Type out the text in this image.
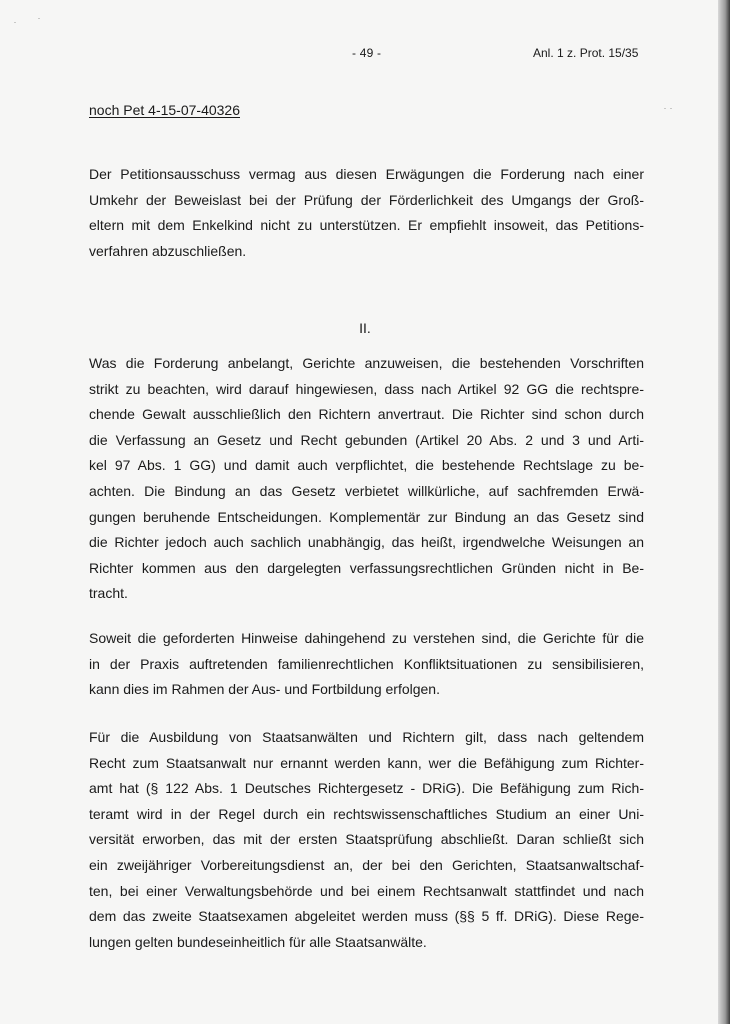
- 49 -	Anl. 1 z. Prot. 15/35
noch Pet 4-15-07-40326
Der Petitionsausschuss vermag aus diesen Erwägungen die Forderung nach einer
Umkehr der Beweislast bei der Prüfung der Förderlichkeit des Umgangs der Groß-
eltern mit dem Enkelkind nicht zu unterstützen. Er empfiehlt insoweit, das Petitions-
verfahren abzuschließen.
II.
Was die Forderung anbelangt, Gerichte anzuweisen, die bestehenden Vorschriften
strikt zu beachten, wird darauf hingewiesen, dass nach Artikel 92 GG die rechtspre-
chende Gewalt ausschließlich den Richtern anvertraut. Die Richter sind schon durch
die Verfassung an Gesetz und Recht gebunden (Artikel 20 Abs. 2 und 3 und Arti-
kel 97 Abs. 1 GG) und damit auch verpflichtet, die bestehende Rechtslage zu be-
achten. Die Bindung an das Gesetz verbietet willkürliche, auf sachfremden Erwä-
gungen beruhende Entscheidungen. Komplementär zur Bindung an das Gesetz sind
die Richter jedoch auch sachlich unabhängig, das heißt, irgendwelche Weisungen an
Richter kommen aus den dargelegten verfassungsrechtlichen Gründen nicht in Be-
tracht.
Soweit die geforderten Hinweise dahingehend zu verstehen sind, die Gerichte für die
in der Praxis auftretenden familienrechtlichen Konfliktsituationen zu sensibilisieren,
kann dies im Rahmen der Aus- und Fortbildung erfolgen.
Für die Ausbildung von Staatsanwälten und Richtern gilt, dass nach geltendem
Recht zum Staatsanwalt nur ernannt werden kann, wer die Befähigung zum Richter-
amt hat (§ 122 Abs. 1 Deutsches Richtergesetz - DRiG). Die Befähigung zum Rich-
teramt wird in der Regel durch ein rechtswissenschaftliches Studium an einer Uni-
versität erworben, das mit der ersten Staatsprüfung abschließt. Daran schließt sich
ein zweijähriger Vorbereitungsdienst an, der bei den Gerichten, Staatsanwaltschaf-
ten, bei einer Verwaltungsbehörde und bei einem Rechtsanwalt stattfindet und nach
dem das zweite Staatsexamen abgeleitet werden muss (§§ 5 ff. DRiG). Diese Rege-
lungen gelten bundeseinheitlich für alle Staatsanwälte.
